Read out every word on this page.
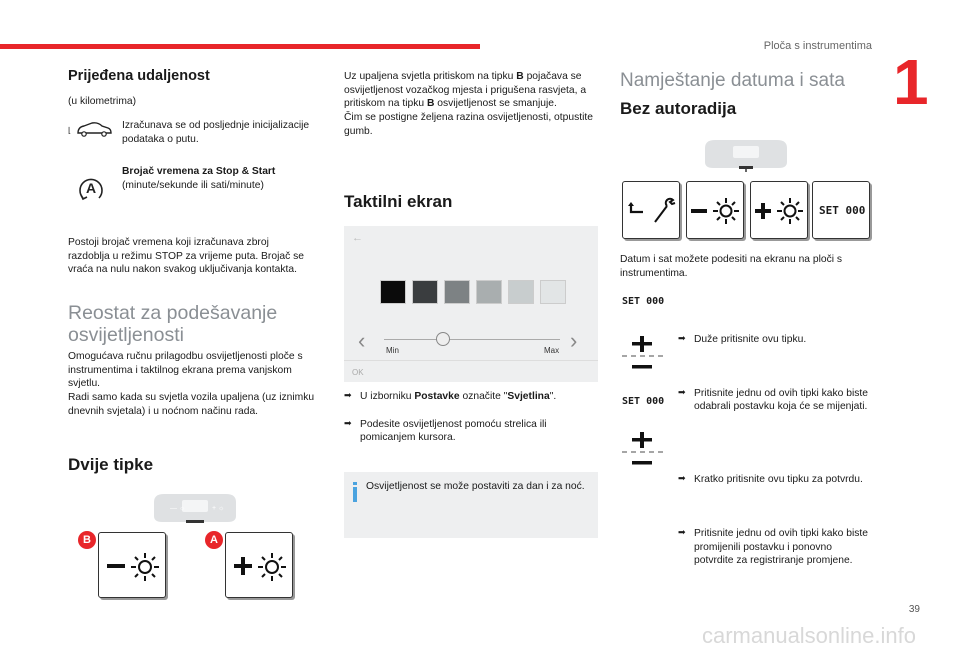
Ploča s instrumentima 1
Prijeđena udaljenost

(u kilometrima)

⌊	Izračunava se od posljednje inicijalizacije podataka o putu.

A

Brojač vremena za Stop & Start
(minute/sekunde ili sati/minute)

Postoji brojač vremena koji izračunava zbroj razdoblja u režimu STOP za vrijeme puta. Brojač se vraća na nulu nakon svakog uključivanja kontakta.

Reostat za podešavanje osvijetljenosti

Omogućava ručnu prilagodbu osvijetljenosti ploče s instrumentima i taktilnog ekrana prema vanjskom svjetlu.
Radi samo kada su svjetla vozila upaljena (uz iznimku dnevnih svjetala) i u noćnom načinu rada.

Dvije tipke
— ☼	+ ☼
B	A

Uz upaljena svjetla pritiskom na tipku B pojačava se osvijetljenost vozačkog mjesta i prigušena rasvjeta, a pritiskom na tipku B osvijetljenost se smanjuje.
Čim se postigne željena razina osvijetljenosti, otpustite gumb.

Taktilni ekran
←
‹	›
Min	Max
OK
➡ U izborniku Postavke označite "Svjetlina".
➡ Podesite osvijetljenost pomoću strelica ili pomicanjem kursora.

Osvijetljenost se može postaviti za dan i za noć.

Namještanje datuma i sata
Bez autoradija
SET 000

Datum i sat možete podesiti na ekranu na ploči s instrumentima.

SET 000
➡ Duže pritisnite ovu tipku.
➡ Pritisnite jednu od ovih tipki kako biste odabrali postavku koja će se mijenjati.
SET 000
➡ Kratko pritisnite ovu tipku za potvrdu.
➡ Pritisnite jednu od ovih tipki kako biste promijenili postavku i ponovno potvrdite za registriranje promjene.
39
carmanualsonline.info
